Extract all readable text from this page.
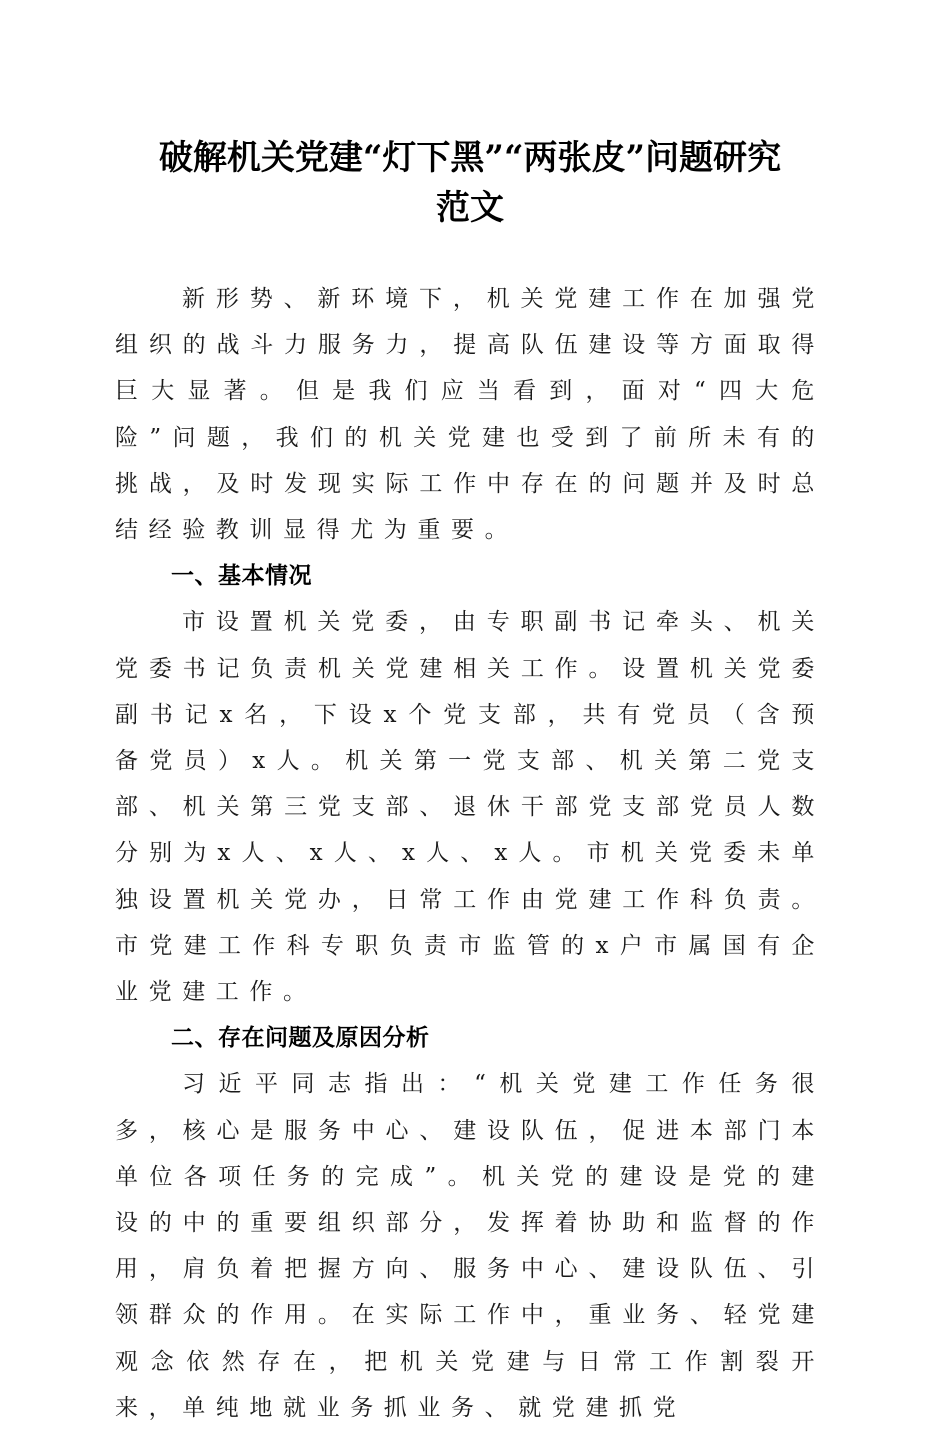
破解机关党建“灯下黑”“两张皮”问题研究
范文

新形势、新环境下，机关党建工作在加强党组织的战斗力服务力，提高队伍建设等方面取得巨大显著。但是我们应当看到，面对“四大危险”问题，我们的机关党建也受到了前所未有的挑战，及时发现实际工作中存在的问题并及时总结经验教训显得尤为重要。

一、基本情况

市设置机关党委，由专职副书记牵头、机关党委书记负责机关党建相关工作。设置机关党委副书记x名，下设x个党支部，共有党员（含预备党员）x人。机关第一党支部、机关第二党支部、机关第三党支部、退休干部党支部党员人数分别为x人、x人、x人、x人。市机关党委未单独设置机关党办，日常工作由党建工作科负责。市党建工作科专职负责市监管的x户市属国有企业党建工作。

二、存在问题及原因分析

习近平同志指出：“机关党建工作任务很多，核心是服务中心、建设队伍，促进本部门本单位各项任务的完成”。机关党的建设是党的建设的中的重要组织部分，发挥着协助和监督的作用，肩负着把握方向、服务中心、建设队伍、引领群众的作用。在实际工作中，重业务、轻党建观念依然存在，把机关党建与日常工作割裂开来，单纯地就业务抓业务、就党建抓党
